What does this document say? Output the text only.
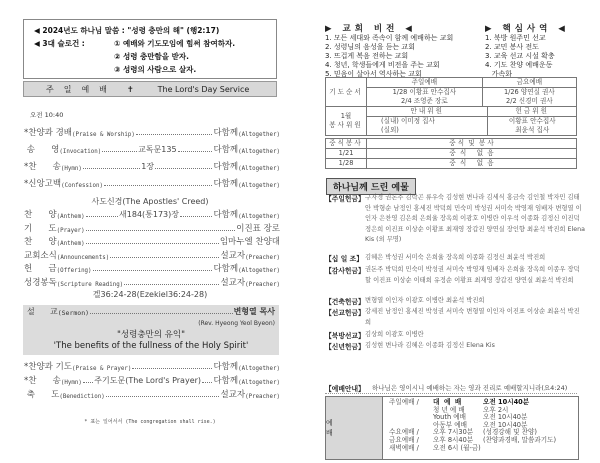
◀ 2024년도 하나님 말씀 : "성령 충만의 해" (행2:17)
◀ 3대 슬로건 :	① 예배와 기도모임에 힘써 참여하자.
② 성령 충만함을 받자.
③ 성령의 사람으로 살자.
주일예배 ✝	The Lord's Day Service
오전 10:40
*찬양과 경배 (Praise & Worship)	다함께 (Altogether)
송      영 (Invocation)	교독문135	다함께 (Altogether)
*찬      송 (Hymn)	1장	다함께 (Altogether)
*신앙고백 (Confession)	다함께 (Altogether)
사도신경(The Apostles' Creed)
찬      양 (Anthem)	새184(통173)장	다함께 (Altogether)
기      도 (Prayer)	이진표 장로
찬      양 (Anthem)	임마누엘 찬양대
교회소식 (Announcements)	설교자 (Preacher)
헌      금 (Offering)	다함께 (Altogether)
성경봉독 (Scripture Reading)	설교자 (Preacher)
겔36:24-28(Ezekiel36:24-28)
설      교 (Sermon)	변형열 목사
(Rev. Hyeong Yeol Byeon)
"성령충만의 유익"
'The benefits of the fullness of the Holy Spirit'
*찬양과 기도 (Praise & Prayer)	다함께 (Altogether)
*찬      송 (Hymn) 주기도문(The Lord's Prayer) 다함께 (Altogether)
축      도 (Benediction)	설교자 (Preacher)
* 표는 일어서서 (The congregation shall rise.)
▶ 교회 비전 ◀
1. 모든 세대와 족속이 함께 예배하는 교회
2. 성령님의 음성을 듣는 교회
3. 뜨겁게 복음 전하는 교회
4. 청년, 학생들에게 비전을 주는 교회
5. 믿음이 살아서 역사하는 교회
▶ 핵심사역 ◀
1. 북방 원주민 선교
2. 교민 봉사 전도
3. 교육 선교 시설 확충
4. 기도 찬양 예배운동
가속화
기도순서	주일예배	금요예배
	1/28 이황표 안수집사	1/26 양연실 권사
	2/4 조영준 장로	2/2 신경미 권사
1월
봉사위원	안내위원	헌금위원
	(실내) 이미정 집사	이황표 안수집사
	(실외)	최윤석 집사
중식봉사	중 식  및  봉 사
1/21	중  식     없  음
1/28	중  식     없  음
하나님께 드린 예물
【주일헌금】 구자경 권돈주 김락곤 류우숙 김성현 변나라 김세식 홍금숙 김인철 박자민 김태안 박형순 남정인 홍세진 박덕희 민숙미 박성권 서미숙 박영재 임배자 변형열 이인자 은찬영 김은희 은희율 장옥희 이광호 이병란 이우석 이종화 김정신 이진덕 정은희 이진표 이상순 이황표 최재영 장갑진 양연실 장인향 최윤석 박진희 Elena Kis (외 무명)
【십 일 조】 김혜은 박성권 서미숙 은희율 장옥희 이종화 김정신 최윤석 박진희
【감사헌금】 권돈주 박덕희 민숙미 박성권 서미숙 박영재 임배자 은희율 장옥희 이종우 장덕할 이진표 이상순 이태희 유정순 이황표 최재영 장갑진 양연실 최윤석 박진희
【건축헌금】 변형열 이인자 이광호 이병란 최윤석 박진희
【선교헌금】 강세진 남정인 홍세진 박성권 서미숙 변형열 이인자 이진표 이상순 최윤석 박진희
【북방선교】 김상희 이광호 이병란
【신년헌금】 김성현 변나라 김혜은 이종화 김정신 Elena Kis
【예배안내】 하나님은 영이시니 예배하는 자는 영과 진리로 예배할지니라(요4:24)
예 배
주일예배 /	대  예  배	오전 10시40분
청 년 예 배	오후 2시
Youth 예배	오전 10시40분
아동부 예배	오전 10시40분
수요예배 /	오후 7시30분	(성경강해 및 찬양)
금요예배 /	오후 8시40분	(찬양과경배, 말씀과기도)
새벽예배 /	오전 6시 (월-금)
